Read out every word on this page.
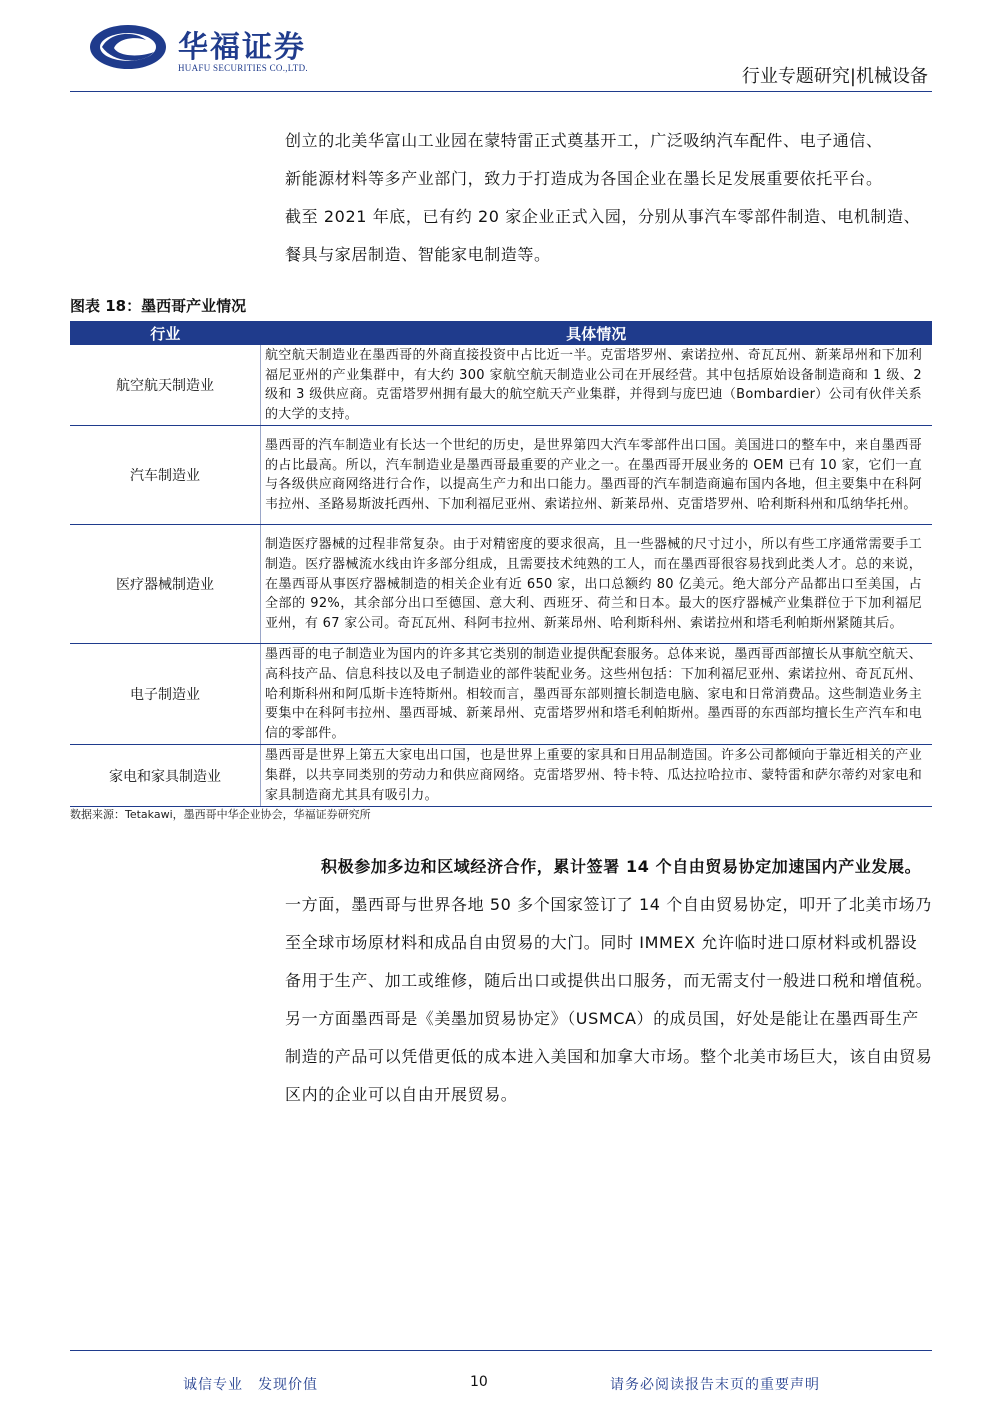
华福证券
HUAFU SECURITIES CO.,LTD.	行业专题研究|机械设备

创立的北美华富山工业园在蒙特雷正式奠基开工，广泛吸纳汽车配件、电子通信、

新能源材料等多产业部门，致力于打造成为各国企业在墨长足发展重要依托平台。

截至 2021 年底，已有约 20 家企业正式入园，分别从事汽车零部件制造、电机制造、

餐具与家居制造、智能家电制造等。

图表 18：墨西哥产业情况
行业	具体情况
航空航天制造业	航空航天制造业在墨西哥的外商直接投资中占比近一半。克雷塔罗州、索诺拉州、奇瓦瓦州、新莱昂州和下加利福尼亚州的产业集群中，有大约 300 家航空航天制造业公司在开展经营。其中包括原始设备制造商和 1 级、2 级和 3 级供应商。克雷塔罗州拥有最大的航空航天产业集群，并得到与庞巴迪（Bombardier）公司有伙伴关系的大学的支持。
汽车制造业	墨西哥的汽车制造业有长达一个世纪的历史，是世界第四大汽车零部件出口国。美国进口的整车中，来自墨西哥的占比最高。所以，汽车制造业是墨西哥最重要的产业之一。在墨西哥开展业务的 OEM 已有 10 家，它们一直与各级供应商网络进行合作，以提高生产力和出口能力。墨西哥的汽车制造商遍布国内各地，但主要集中在科阿韦拉州、圣路易斯波托西州、下加利福尼亚州、索诺拉州、新莱昂州、克雷塔罗州、哈利斯科州和瓜纳华托州。
医疗器械制造业	制造医疗器械的过程非常复杂。由于对精密度的要求很高，且一些器械的尺寸过小，所以有些工序通常需要手工制造。医疗器械流水线由许多部分组成，且需要技术纯熟的工人，而在墨西哥很容易找到此类人才。总的来说，在墨西哥从事医疗器械制造的相关企业有近 650 家，出口总额约 80 亿美元。绝大部分产品都出口至美国，占全部的 92%，其余部分出口至德国、意大利、西班牙、荷兰和日本。最大的医疗器械产业集群位于下加利福尼亚州，有 67 家公司。奇瓦瓦州、科阿韦拉州、新莱昂州、哈利斯科州、索诺拉州和塔毛利帕斯州紧随其后。
电子制造业	墨西哥的电子制造业为国内的许多其它类别的制造业提供配套服务。总体来说，墨西哥西部擅长从事航空航天、高科技产品、信息科技以及电子制造业的部件装配业务。这些州包括：下加利福尼亚州、索诺拉州、奇瓦瓦州、哈利斯科州和阿瓜斯卡连特斯州。相较而言，墨西哥东部则擅长制造电脑、家电和日常消费品。这些制造业务主要集中在科阿韦拉州、墨西哥城、新莱昂州、克雷塔罗州和塔毛利帕斯州。墨西哥的东西部均擅长生产汽车和电信的零部件。
家电和家具制造业	墨西哥是世界上第五大家电出口国，也是世界上重要的家具和日用品制造国。许多公司都倾向于靠近相关的产业集群，以共享同类别的劳动力和供应商网络。克雷塔罗州、特卡特、瓜达拉哈拉市、蒙特雷和萨尔蒂约对家电和家具制造商尤其具有吸引力。
数据来源：Tetakawi，墨西哥中华企业协会，华福证券研究所
积极参加多边和区域经济合作，累计签署 14 个自由贸易协定加速国内产业发展。一方面，墨西哥与世界各地 50 多个国家签订了 14 个自由贸易协定，叩开了北美市场乃至全球市场原材料和成品自由贸易的大门。同时 IMMEX 允许临时进口原材料或机器设备用于生产、加工或维修，随后出口或提供出口服务，而无需支付一般进口税和增值税。另一方面墨西哥是《美墨加贸易协定》（USMCA）的成员国，好处是能让在墨西哥生产制造的产品可以凭借更低的成本进入美国和加拿大市场。整个北美市场巨大，该自由贸易区内的企业可以自由开展贸易。
诚信专业　发现价值	10	请务必阅读报告末页的重要声明
